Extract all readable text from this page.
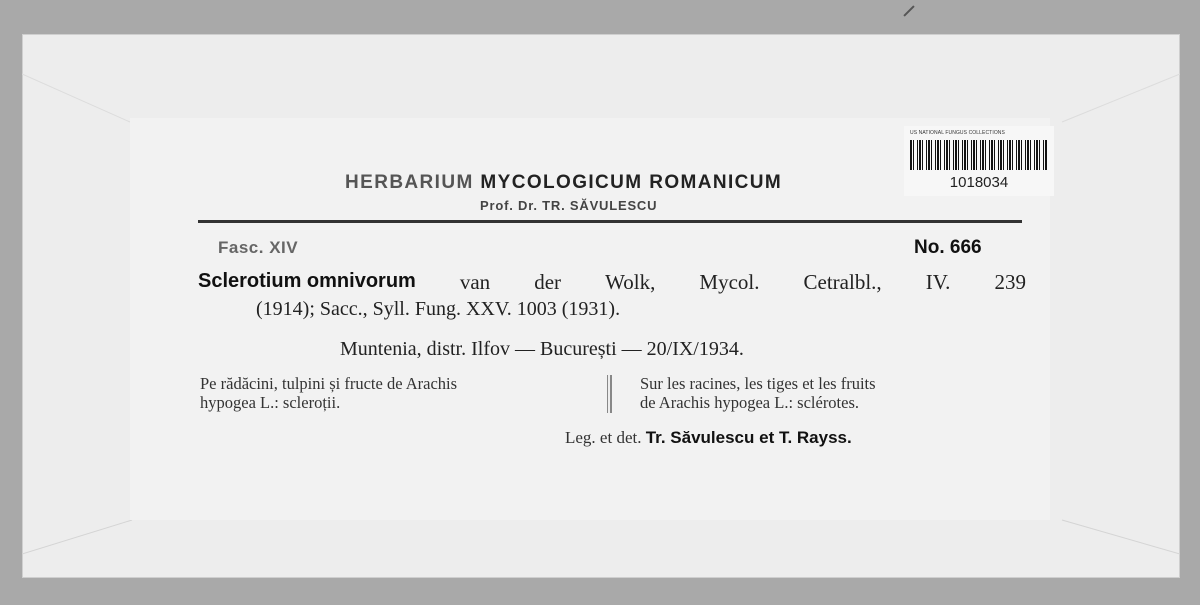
US NATIONAL FUNGUS COLLECTIONS
1018034
HERBARIUM MYCOLOGICUM ROMANICUM
Prof. Dr. TR. SĂVULESCU
Fasc. XIV	No. 666
Sclerotium omnivorum van der Wolk, Mycol. Cetralbl., IV. 239
(1914); Sacc., Syll. Fung. XXV. 1003 (1931).
Muntenia, distr. Ilfov — București — 20/IX/1934.
Pe rădăcini, tulpini și fructe de Arachis
hypogea L.: scleroții.
Sur les racines, les tiges et les fruits
de Arachis hypogea L.: sclérotes.
Leg. et det. Tr. Săvulescu et T. Rayss.
